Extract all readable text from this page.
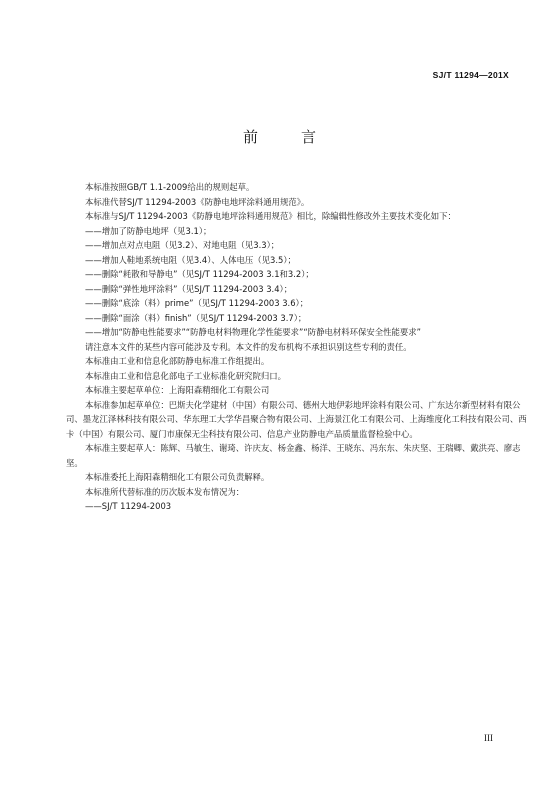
SJ/T 11294—201X
前　言

本标准按照GB/T 1.1-2009给出的规则起草。

本标准代替SJ/T 11294-2003《防静电地坪涂料通用规范》。

本标准与SJ/T 11294-2003《防静电地坪涂料通用规范》相比，除编辑性修改外主要技术变化如下：

——增加了防静电地坪（见3.1）；

——增加点对点电阻（见3.2）、对地电阻（见3.3）；

——增加人鞋地系统电阻（见3.4）、人体电压（见3.5）；

——删除“耗散和导静电”（见SJ/T 11294-2003 3.1和3.2）；

——删除“弹性地坪涂料”（见SJ/T 11294-2003 3.4）；

——删除“底涂（料）prime”（见SJ/T 11294-2003 3.6）；

——删除“面涂（料）finish”（见SJ/T 11294-2003 3.7）；

——增加“防静电性能要求”“防静电材料物理化学性能要求”“防静电材料环保安全性能要求”

请注意本文件的某些内容可能涉及专利。本文件的发布机构不承担识别这些专利的责任。

本标准由工业和信息化部防静电标准工作组提出。

本标准由工业和信息化部电子工业标准化研究院归口。

本标准主要起草单位：上海阳森精细化工有限公司

本标准参加起草单位：巴斯夫化学建材（中国）有限公司、德州大地伊彩地坪涂料有限公司、广东达尔新型材料有限公司、墨龙江泽林科技有限公司、华东理工大学华昌聚合物有限公司、上海景江化工有限公司、上海维度化工科技有限公司、西卡（中国）有限公司、厦门市康保无尘科技有限公司、信息产业防静电产品质量监督检验中心。

本标准主要起草人：陈辉、马敏生、谢琦、许庆友、杨金鑫、杨洋、王晓东、冯东东、朱庆坚、王瑞卿、戴洪亮、廖志坚。

本标准委托上海阳森精细化工有限公司负责解释。

本标准所代替标准的历次版本发布情况为：

——SJ/T 11294-2003

III
